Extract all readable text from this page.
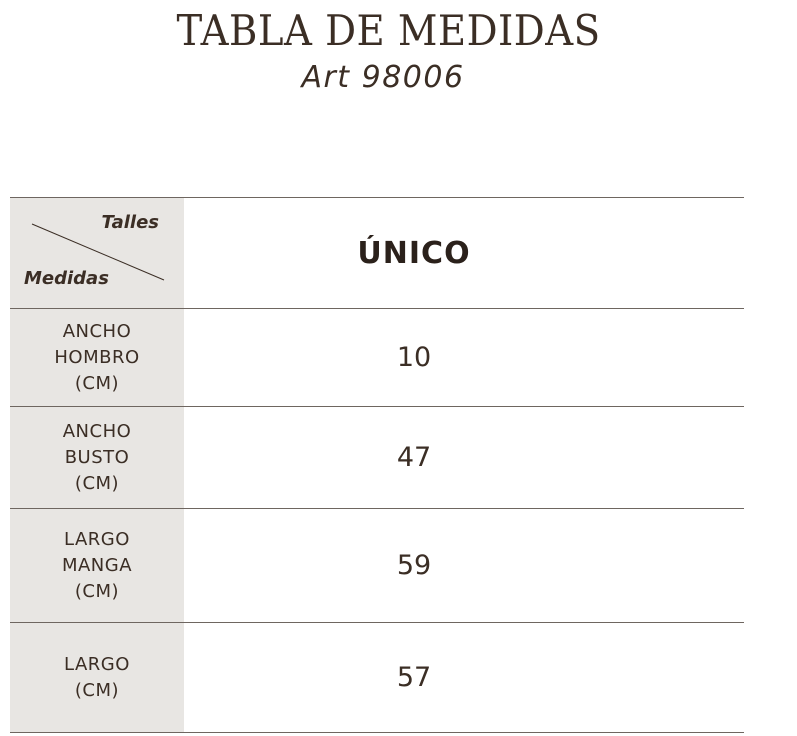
TABLA DE MEDIDAS
Art 98006
Talles
Medidas
ÚNICO
ANCHO
HOMBRO
(CM)
10
ANCHO
BUSTO
(CM)
47
LARGO
MANGA
(CM)
59
LARGO
(CM)	57
